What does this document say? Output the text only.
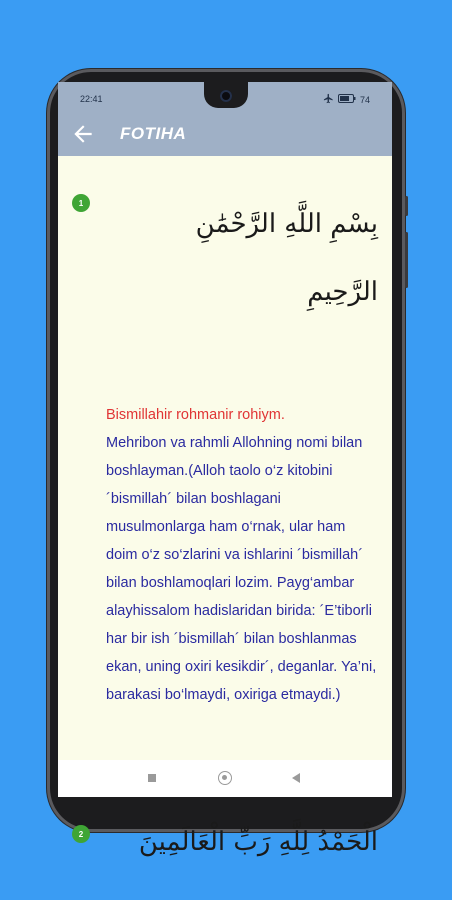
22:41	74
FOTIHA
1
بِسْمِ اللَّهِ الرَّحْمَٰنِ
الرَّحِيمِ
Bismillahir rohmanir rohiym.
Mehribon va rahmli Allohning nomi bilan boshlayman.(Alloh taolo o‘z kitobini ´bismillah´ bilan boshlagani musulmonlarga ham o‘rnak, ular ham doim o‘z so‘zlarini va ishlarini ´bismillah´ bilan boshlamoqlari lozim. Payg‘ambar alayhissalom hadislaridan birida: ´E’tiborli har bir ish ´bismillah´ bilan boshlanmas ekan, uning oxiri kesikdir´, deganlar. Ya’ni, barakasi bo‘lmaydi, oxiriga etmaydi.)
2	الْحَمْدُ لِلَّهِ رَبِّ الْعَالَمِينَ
